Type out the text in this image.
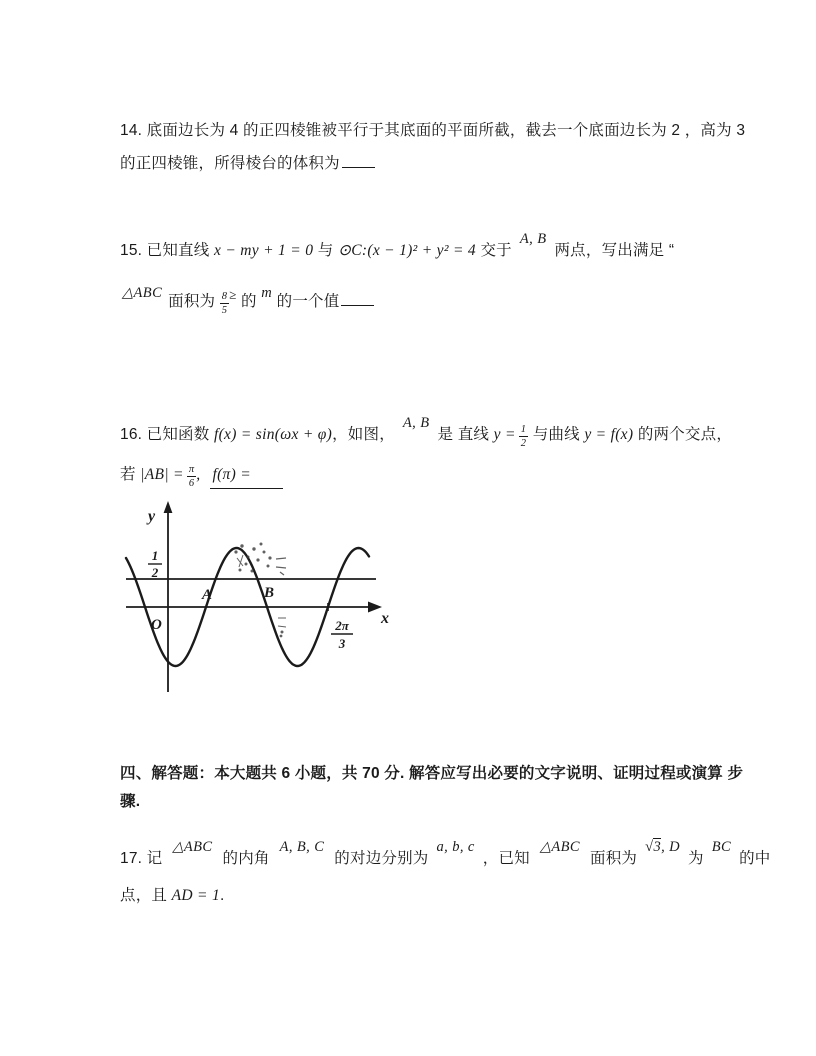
14. 底面边长为 4 的正四棱锥被平行于其底面的平面所截，截去一个底面边长为 2 ，高为 3
的正四棱锥，所得棱台的体积为
15. 已知直线 x − my + 1 = 0 与 ⊙C:(x − 1)² + y² = 4 交于A, B两点，写出满足 “
△ABC 面积为 $\frac{8}{5} ^\ge$ 的 m 的一个值
16. 已知函数 f(x) = sin(ωx + φ)，如图，A, B是 直线 $y = \frac{1}{2}$ 与曲线 y = f(x) 的两个交点，
若 $|AB| = \frac{\pi}{6}$ , f(π) =
y
x
O
A	B
1
2
2π
3
四、解答题：本大题共 6 小题，共 70 分. 解答应写出必要的文字说明、证明过程或演算 步
骤.
17. 记△ABC的内角A, B, C的对边分别为a, b, c，已知△ABC面积为√3, D为BC的中
点，且 AD = 1.
